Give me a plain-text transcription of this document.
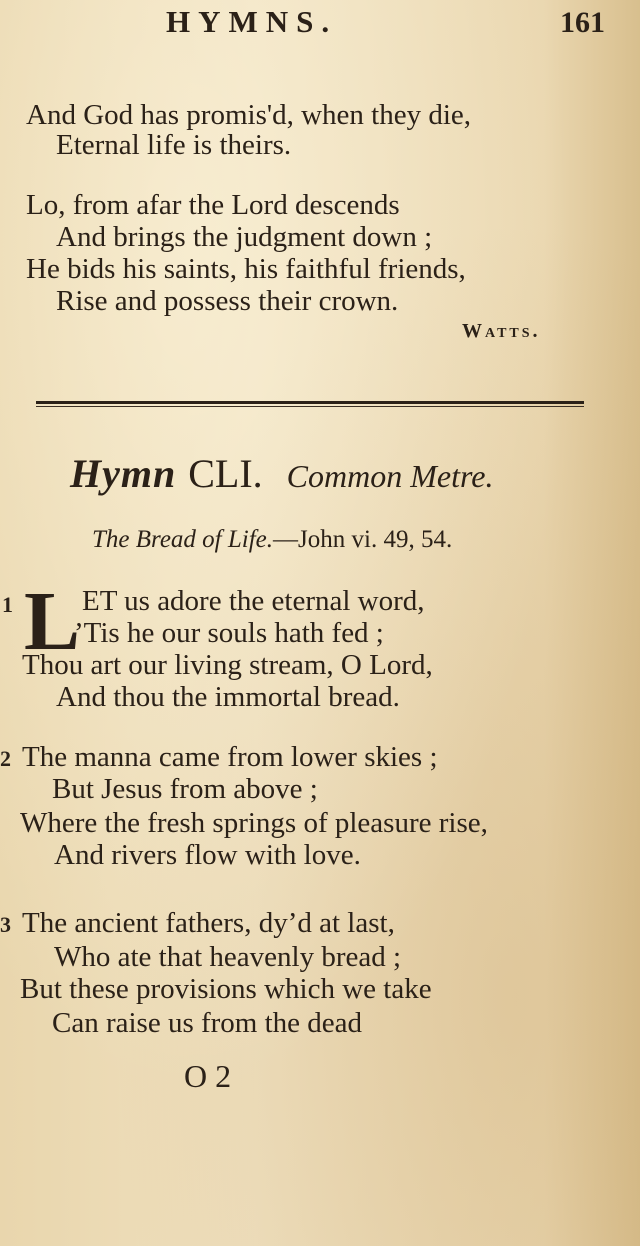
HYMNS.	161
And God has promis'd, when they die,
Eternal life is theirs.
Lo, from afar the Lord descends
And brings the judgment down ;
He bids his saints, his faithful friends,
Rise and possess their crown.
Watts.
Hymn CLI. Common Metre.
The Bread of Life.—John vi. 49, 54.
1 L ET us adore the eternal word,
’Tis he our souls hath fed ;
Thou art our living stream, O Lord,
And thou the immortal bread.
2 The manna came from lower skies ;
But Jesus from above ;
Where the fresh springs of pleasure rise,
And rivers flow with love.
3 The ancient fathers, dy’d at last,
Who ate that heavenly bread ;
But these provisions which we take
Can raise us from the dead
O 2
